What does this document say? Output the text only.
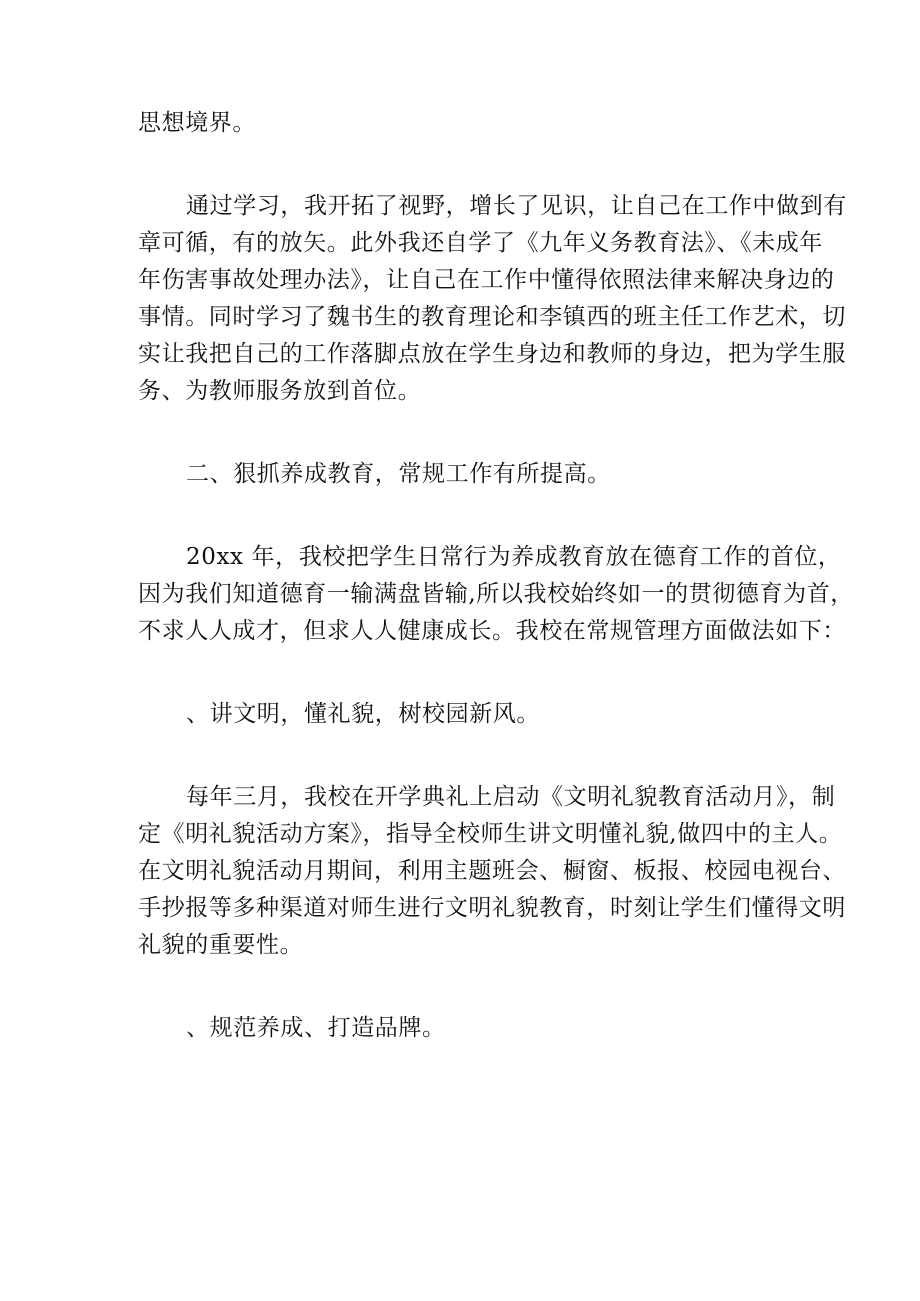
思想境界。
通过学习，我开拓了视野，增长了见识，让自己在工作中做到有
章可循，有的放矢。此外我还自学了《九年义务教育法》、《未成年
年伤害事故处理办法》，让自己在工作中懂得依照法律来解决身边的
事情。同时学习了魏书生的教育理论和李镇西的班主任工作艺术，切
实让我把自己的工作落脚点放在学生身边和教师的身边，把为学生服
务、为教师服务放到首位。
二、狠抓养成教育，常规工作有所提高。
20xx 年，我校把学生日常行为养成教育放在德育工作的首位，
因为我们知道德育一输满盘皆输,所以我校始终如一的贯彻德育为首，
不求人人成才，但求人人健康成长。我校在常规管理方面做法如下：
、讲文明，懂礼貌，树校园新风。
每年三月，我校在开学典礼上启动《文明礼貌教育活动月》，制
定《明礼貌活动方案》，指导全校师生讲文明懂礼貌,做四中的主人。
在文明礼貌活动月期间，利用主题班会、橱窗、板报、校园电视台、
手抄报等多种渠道对师生进行文明礼貌教育，时刻让学生们懂得文明
礼貌的重要性。
、规范养成、打造品牌。
